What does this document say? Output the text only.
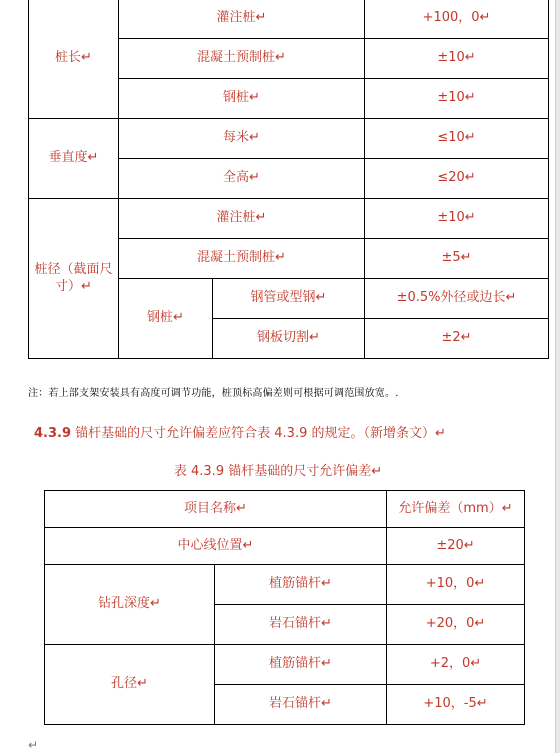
桩长↵	灌注桩↵		+100，0↵
	混凝土预制桩↵		±10↵
	钢桩↵		±10↵
垂直度↵	每米↵		≤10↵
	全高↵		≤20↵
桩径（截面尺寸）↵	灌注桩↵		±10↵
	混凝土预制桩↵		±5↵
	钢桩↵	钢管或型钢↵	±0.5%外径或边长↵
		钢板切割↵	±2↵
注：若上部支架安装具有高度可调节功能，桩顶标高偏差则可根据可调范围放宽。.
4.3.9 锚杆基础的尺寸允许偏差应符合表 4.3.9 的规定。（新增条文）↵
表 4.3.9 锚杆基础的尺寸允许偏差↵
项目名称↵		允许偏差（mm）↵
中心线位置↵		±20↵
钻孔深度↵	植筋锚杆↵	+10，0↵
	岩石锚杆↵	+20，0↵
孔径↵	植筋锚杆↵	+2，0↵
	岩石锚杆↵	+10，-5↵
↵
